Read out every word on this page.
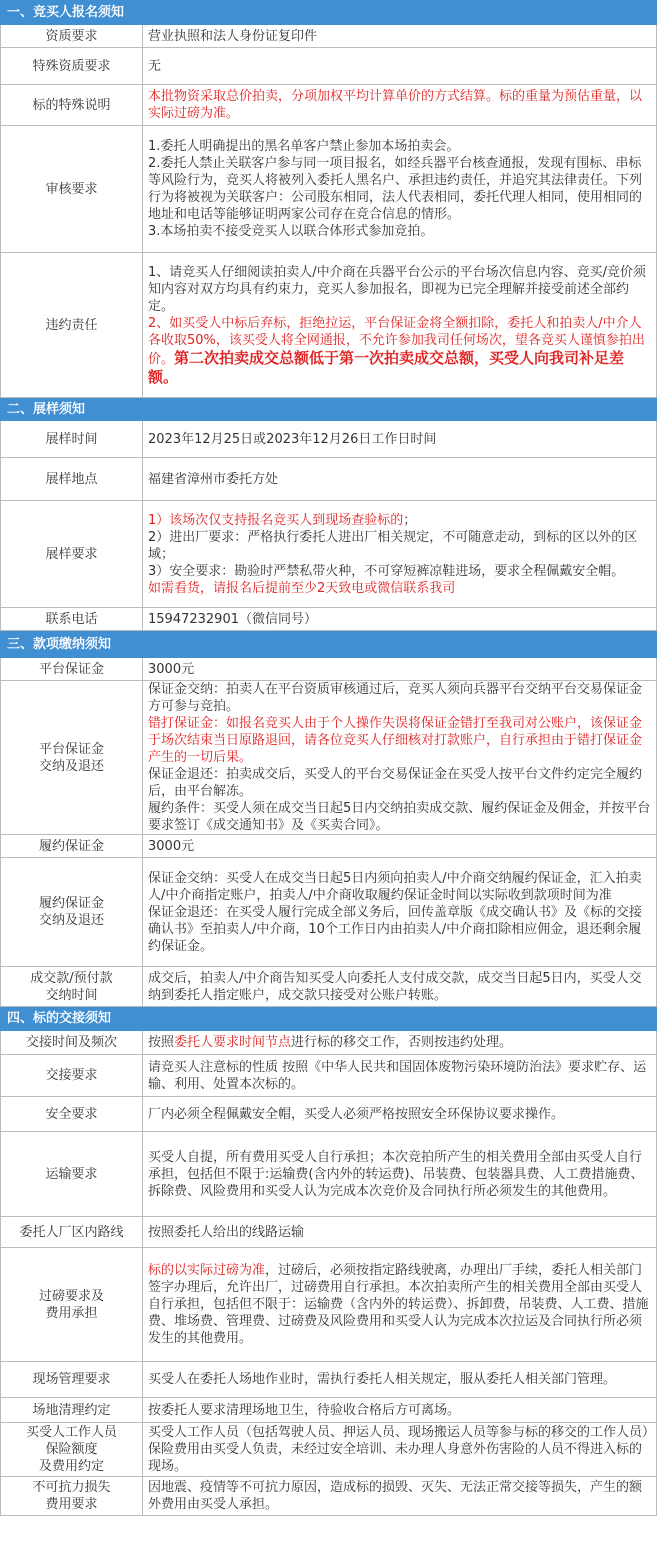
一、竞买人报名须知	
资质要求	营业执照和法人身份证复印件

特殊资质要求	无

标的特殊说明	本批物资采取总价拍卖，分项加权平均计算单价的方式结算。标的重量为预估重量，以实际过磅为准。

审核要求	1.委托人明确提出的黑名单客户禁止参加本场拍卖会。
2.委托人禁止关联客户参与同一项目报名，如经兵器平台核查通报，发现有围标、串标等风险行为，竞买人将被列入委托人黑名户、承担违约责任，并追究其法律责任。下列行为将被视为关联客户：公司股东相同，法人代表相同，委托代理人相同，使用相同的地址和电话等能够证明两家公司存在竞合信息的情形。
3.本场拍卖不接受竞买人以联合体形式参加竞拍。

违约责任	1、请竞买人仔细阅读拍卖人/中介商在兵器平台公示的平台场次信息内容、竞买/竞价须知内容对双方均具有约束力，竞买人参加报名，即视为已完全理解并接受前述全部约定。
2、如买受人中标后弃标，拒绝拉运，平台保证金将全额扣除，委托人和拍卖人/中介人各收取50%，该买受人将全网通报，不允许参加我司任何场次，望各竞买人谨慎参拍出价。第二次拍卖成交总额低于第一次拍卖成交总额，买受人向我司补足差额。

二、展样须知	
展样时间	2023年12月25日或2023年12月26日工作日时间

展样地点	福建省漳州市委托方处

展样要求	1）该场次仅支持报名竞买人到现场查验标的；
2）进出厂要求：严格执行委托人进出厂相关规定，不可随意走动，到标的区以外的区域；
3）安全要求：勘验时严禁私带火种，不可穿短裤凉鞋进场，要求全程佩戴安全帽。
如需看货，请报名后提前至少2天致电或微信联系我司

联系电话	15947232901（微信同号）

三、款项缴纳须知	
平台保证金	3000元

平台保证金
交纳及退还	保证金交纳：拍卖人在平台资质审核通过后，竞买人须向兵器平台交纳平台交易保证金方可参与竞拍。
错打保证金：如报名竞买人由于个人操作失误将保证金错打至我司对公账户，该保证金于场次结束当日原路退回，请各位竞买人仔细核对打款账户，自行承担由于错打保证金产生的一切后果。
保证金退还：拍卖成交后，买受人的平台交易保证金在买受人按平台文件约定完全履约后，由平台解冻。
履约条件：买受人须在成交当日起5日内交纳拍卖成交款、履约保证金及佣金，并按平台要求签订《成交通知书》及《买卖合同》。

履约保证金	3000元

履约保证金
交纳及退还	保证金交纳：买受人在成交当日起5日内须向拍卖人/中介商交纳履约保证金，汇入拍卖人/中介商指定账户，拍卖人/中介商收取履约保证金时间以实际收到款项时间为准
保证金退还：在买受人履行完成全部义务后，回传盖章版《成交确认书》及《标的交接确认书》至拍卖人/中介商，10个工作日内由拍卖人/中介商扣除相应佣金，退还剩余履约保证金。

成交款/预付款
交纳时间	成交后，拍卖人/中介商告知买受人向委托人支付成交款，成交当日起5日内，买受人交纳到委托人指定账户，成交款只接受对公账户转账。

四、标的交接须知	
交接时间及频次	按照委托人要求时间节点进行标的移交工作，否则按违约处理。

交接要求	请竞买人注意标的性质 按照《中华人民共和国固体废物污染环境防治法》要求贮存、运输、利用、处置本次标的。

安全要求	厂内必须全程佩戴安全帽，买受人必须严格按照安全环保协议要求操作。

运输要求	买受人自提，所有费用买受人自行承担；本次竞拍所产生的相关费用全部由买受人自行承担，包括但不限于:运输费(含内外的转运费)、吊装费、包装器具费、人工费措施费、拆除费、风险费用和买受人认为完成本次竞价及合同执行所必须发生的其他费用。

委托人厂区内路线	按照委托人给出的线路运输

过磅要求及
费用承担	标的以实际过磅为准，过磅后，必须按指定路线驶离，办理出厂手续，委托人相关部门签字办理后，允许出厂，过磅费用自行承担。本次拍卖所产生的相关费用全部由买受人自行承担，包括但不限于：运输费（含内外的转运费）、拆卸费，吊装费、人工费、措施费、堆场费、管理费、过磅费及风险费用和买受人认为完成本次拉运及合同执行所必须发生的其他费用。

现场管理要求	买受人在委托人场地作业时，需执行委托人相关规定，服从委托人相关部门管理。

场地清理约定	按委托人要求清理场地卫生，待验收合格后方可离场。

买受人工作人员
保险额度
及费用约定	买受人工作人员（包括驾驶人员、押运人员、现场搬运人员等参与标的移交的工作人员）保险费用由买受人负责，未经过安全培训、未办理人身意外伤害险的人员不得进入标的现场。

不可抗力损失
费用要求	因地震、疫情等不可抗力原因，造成标的损毁、灭失、无法正常交接等损失，产生的额外费用由买受人承担。
